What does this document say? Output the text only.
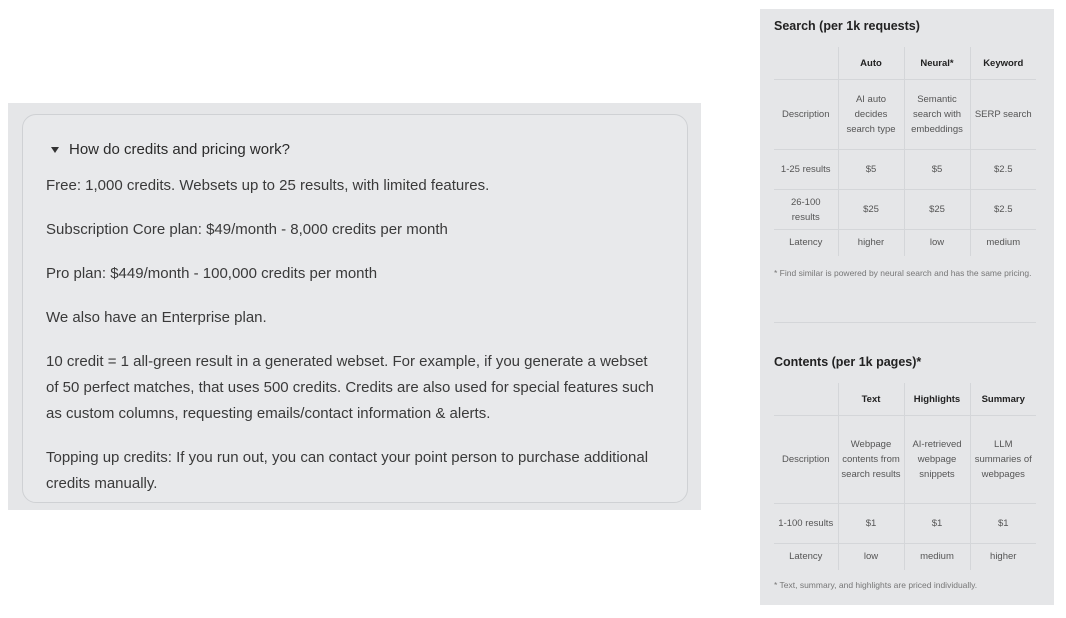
How do credits and pricing work?

Free: 1,000 credits. Websets up to 25 results, with limited features.

Subscription Core plan: $49/month - 8,000 credits per month

Pro plan: $449/month - 100,000 credits per month

We also have an Enterprise plan.

10 credit = 1 all-green result in a generated webset. For example, if you generate a webset of 50 perfect matches, that uses 500 credits. Credits are also used for special features such as custom columns, requesting emails/contact information & alerts.

Topping up credits: If you run out, you can contact your point person to purchase additional credits manually.

Search (per 1k requests)
	Auto	Neural*	Keyword
Description	AI auto decides search type	Semantic search with embeddings	SERP search
1-25 results	$5	$5	$2.5
26-100 results	$25	$25	$2.5
Latency	higher	low	medium
* Find similar is powered by neural search and has the same pricing.
Contents (per 1k pages)*
	Text	Highlights	Summary
Description	Webpage contents from search results	AI-retrieved webpage snippets	LLM summaries of webpages
1-100 results	$1	$1	$1
Latency	low	medium	higher
* Text, summary, and highlights are priced individually.
